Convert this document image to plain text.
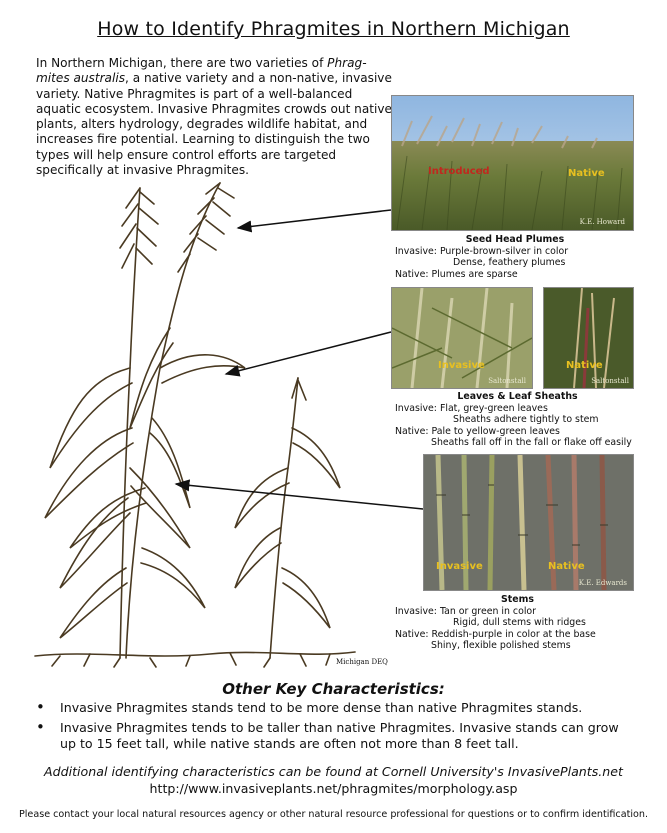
How to Identify Phragmites in Northern Michigan

In Northern Michigan, there are two varieties of Phrag- mites australis, a native variety and a non-native, invasive variety. Native Phragmites is part of a well-balanced aquatic ecosystem. Invasive Phragmites crowds out native plants, alters hydrology, degrades wildlife habitat, and increases fire potential. Learning to distinguish the two types will help ensure control efforts are targeted specifically at invasive Phragmites.

Michigan DEQ
Introduced	Native
K.E. Howard
Seed Head Plumes
Invasive: Purple-brown-silver in color

Dense, feathery plumes
Native: Plumes are sparse
Invasive
Saltonstall
Native
Saltonstall
Leaves & Leaf Sheaths
Invasive: Flat, grey-green leaves

Sheaths adhere tightly to stem
Native: Pale to yellow-green leaves

Sheaths fall off in the fall or flake off easily
Invasive	Native
K.E. Edwards
Stems
Invasive: Tan or green in color

Rigid, dull stems with ridges
Native: Reddish-purple in color at the base

Shiny, flexible polished stems
Other Key Characteristics:
• Invasive Phragmites stands tend to be more dense than native Phragmites stands.
• Invasive Phragmites tends to be taller than native Phragmites. Invasive stands can grow up to 15 feet tall, while native stands are often not more than 8 feet tall.
Additional identifying characteristics can be found at Cornell University's InvasivePlants.net
http://www.invasiveplants.net/phragmites/morphology.asp
Please contact your local natural resources agency or other natural resource professional for questions or to confirm identification.
